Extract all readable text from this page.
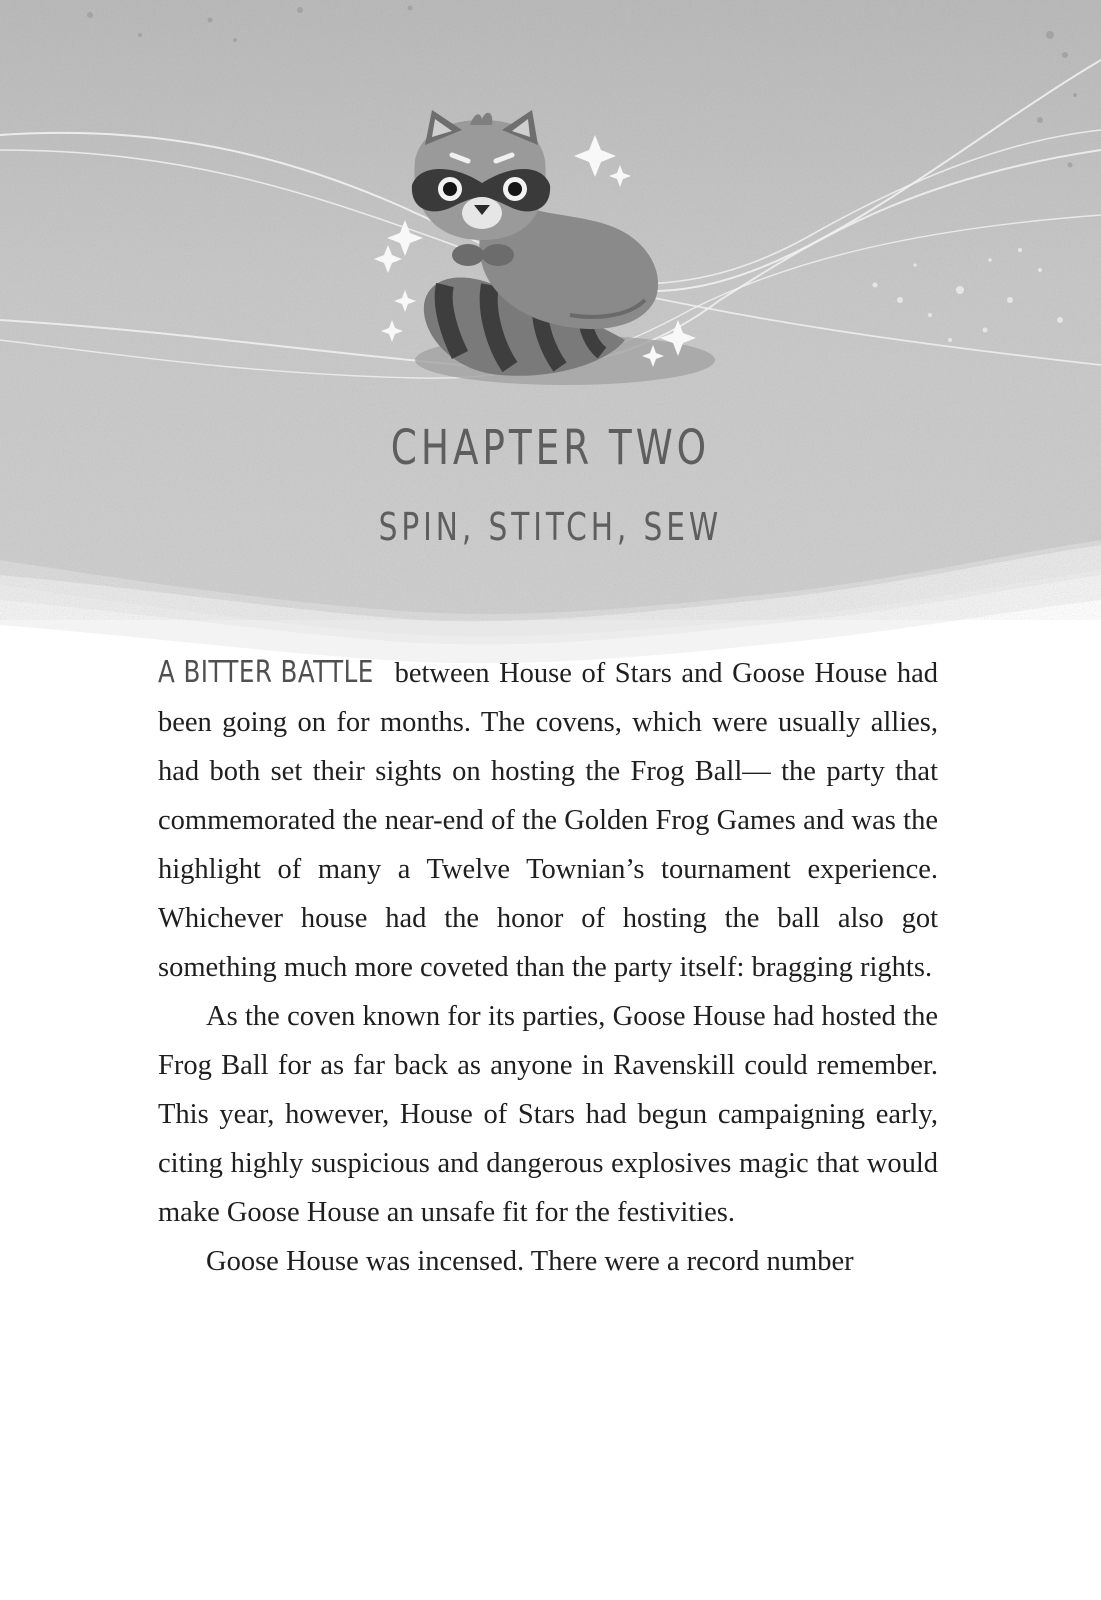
CHAPTER TWO
SPIN, STITCH, SEW

A BITTER BATTLE between House of Stars and Goose House had been going on for months. The covens, which were usually allies, had both set their sights on hosting the Frog Ball— the party that commemorated the near-end of the Golden Frog Games and was the highlight of many a Twelve Townian’s tournament experience. Whichever house had the honor of hosting the ball also got something much more coveted than the party itself: bragging rights.

As the coven known for its parties, Goose House had hosted the Frog Ball for as far back as anyone in Ravenskill could remember. This year, however, House of Stars had begun campaigning early, citing highly suspicious and dangerous explosives magic that would make Goose House an unsafe fit for the festivities.

Goose House was incensed. There were a record number
